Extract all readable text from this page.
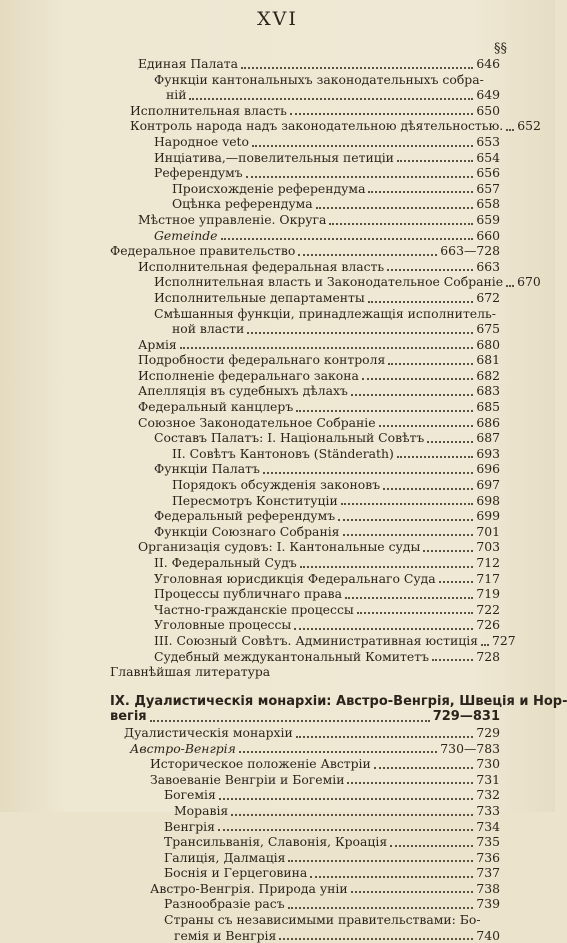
XVI
§§
Единая Палата	646
Функціи кантональныхъ законодательныхъ собра-
ній	649
Исполнительная власть	650
Контроль народа надъ законодательною дѣятельностью. 652
Народное veto	653
Инціатива,—повелительныя петиціи	654
Референдумъ	656
Происхожденіе референдума	657
Оцѣнка референдума	658
Мѣстное управленіе. Округа	659
Gemeinde	660
Федеральное правительство	663—728
Исполнительная федеральная власть	663
Исполнительная власть и Законодательное Собраніе 670
Исполнительные департаменты	672
Смѣшанныя функціи, принадлежащія исполнитель-
ной власти	675
Армія	680
Подробности федеральнаго контроля	681
Исполненіе федеральнаго закона	682
Апелляція въ судебныхъ дѣлахъ	683
Федеральный канцлеръ	685
Союзное Законодательное Собраніе	686
Составъ Палатъ: I. Національный Совѣтъ	687
II. Совѣтъ Кантоновъ (Ständerath)	693
Функціи Палатъ	696
Порядокъ обсужденія законовъ	697
Пересмотръ Конституціи	698
Федеральный референдумъ	699
Функціи Союзнаго Собранія	701
Организація судовъ: I. Кантональные суды	703
II. Федеральный Судъ	712
Уголовная юрисдикція Федеральнаго Суда	717
Процессы публичнаго права	719
Частно-гражданскіе процессы	722
Уголовные процессы	726
III. Союзный Совѣтъ. Административная юстиція 727
Судебный междукантональный Комитетъ	728
Главнѣйшая литература
IX. Дуалистическія монархіи: Австро-Венгрія, Швеція и Нор-
вегія	729—831
Дуалистическія монархіи	729
Австро-Венгрія	730—783
Историческое положеніе Австріи	730
Завоеваніе Венгріи и Богеміи	731
Богемія	732
Моравія	733
Венгрія	734
Трансильванія, Славонія, Кроація	735
Галиція, Далмація	736
Боснія и Герцеговина	737
Австро-Венгрія. Природа уніи	738
Разнообразіе расъ	739
Страны съ независимыми правительствами: Бо-
гемія и Венгрія	740
